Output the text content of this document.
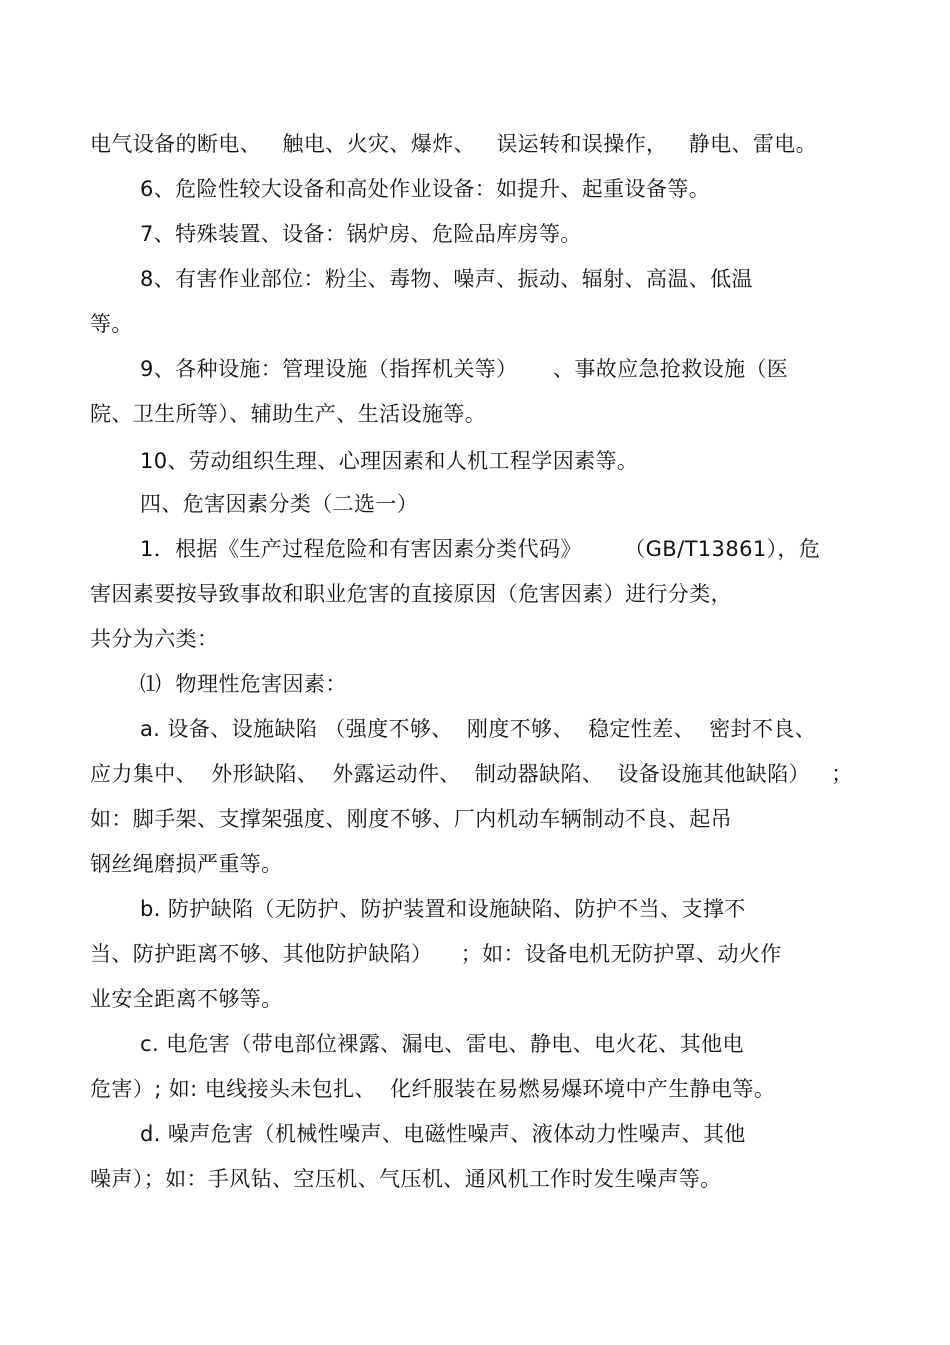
电气设备的断电、   触电、火灾、爆炸、   误运转和误操作，   静电、雷电。
6、危险性较大设备和高处作业设备：如提升、起重设备等。
7、特殊装置、设备：锅炉房、危险品库房等。
8、有害作业部位：粉尘、毒物、噪声、振动、辐射、高温、低温
等。
9、各种设施：管理设施（指挥机关等）     、事故应急抢救设施（医
院、卫生所等）、辅助生产、生活设施等。
10、劳动组织生理、心理因素和人机工程学因素等。
四、危害因素分类（二选一）
1．根据《生产过程危险和有害因素分类代码》      （GB/T13861），危
害因素要按导致事故和职业危害的直接原因（危害因素）进行分类，
共分为六类：
⑴  物理性危害因素：
a. 设备、设施缺陷 （强度不够、  刚度不够、  稳定性差、  密封不良、
应力集中、  外形缺陷、  外露运动件、  制动器缺陷、  设备设施其他缺陷）   ；
如：脚手架、支撑架强度、刚度不够、厂内机动车辆制动不良、起吊
钢丝绳磨损严重等。
b. 防护缺陷（无防护、防护装置和设施缺陷、防护不当、支撑不
当、防护距离不够、其他防护缺陷）    ；如：设备电机无防护罩、动火作
业安全距离不够等。
c. 电危害（带电部位裸露、漏电、雷电、静电、电火花、其他电
危害）; 如: 电线接头未包扎、  化纤服装在易燃易爆环境中产生静电等。
d. 噪声危害（机械性噪声、电磁性噪声、液体动力性噪声、其他
噪声）；如：手风钻、空压机、气压机、通风机工作时发生噪声等。
